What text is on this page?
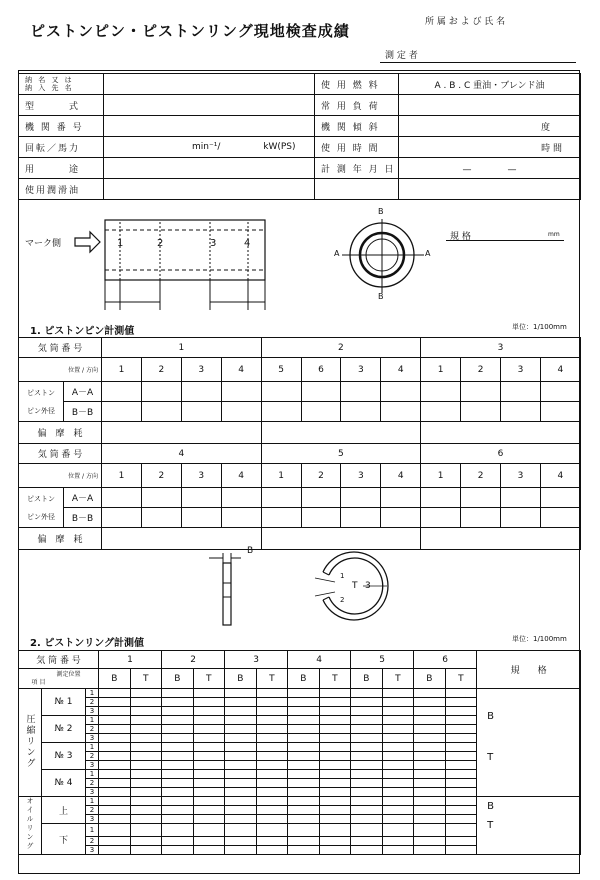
ピストンピン・ピストンリング現地検査成績	所 属 お よ び 氏 名
測 定 者
納 名 又 は
納 入 先 名		使 用 燃 料	A . B . C 重油・ブレンド油
型　　　式		常 用 負 荷	
機 関 番 号		機 関 傾 斜	度
回転／馬力	min⁻¹/ kW(PS)	使 用 時 間	時 間
用　　　途		計 測 年 月 日	—　　　　—
使用潤滑油			
マーク側	1	2	3	4
B
B
A	A
規 格	mm
1. ピストンピン計測値	単位：1/100mm
気 筒 番 号		1				2				3			
位置 / 方向		1	2	3	4	5	6	3	4	1	2	3	4
ピストン
ピン外径	A－A												
	B－B												
偏　摩　耗													
気 筒 番 号		4				5				6			
位置 / 方向		1	2	3	4	1	2	3	4	1	2	3	4
ピストン
ピン外径	A－A												
	B－B												
偏　摩　耗													
B
T 3
1
2
2. ピストンリング計測値	単位：1/100mm
気 筒 番 号			1		2		3		4		5		6		規　　格
測定位置
項 目			B	T	B	T	B	T	B	T	B	T	B	T	
圧縮リング	№ 1	1													B
T

		2													
		3													
	№ 2	1													
		2													
		3													
	№ 3	1													
		2													
		3													
	№ 4	1													
		2													
		3													
オイルリング	上	1													B
T

		2													
		3													
	下	1													
		2													
		3													
